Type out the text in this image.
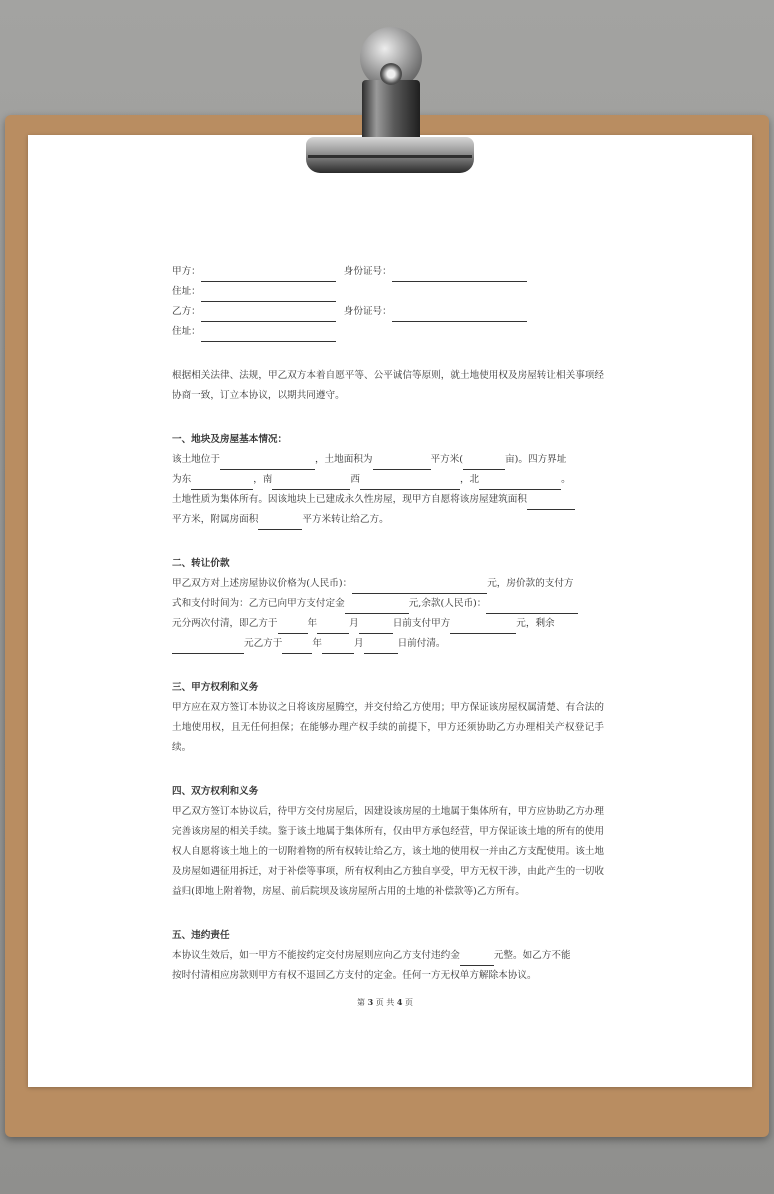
甲方：	身份证号：
住址：
乙方：	身份证号：
住址：
根据相关法律、法规，甲乙双方本着自愿平等、公平诚信等原则，就土地使用权及房屋转让相关事项经协商一致，订立本协议，以期共同遵守。
一、地块及房屋基本情况：
该土地位于	，土地面积为	平方米(	亩)。四方界址
为东	，南	西	，北	。
土地性质为集体所有。因该地块上已建成永久性房屋，现甲方自愿将该房屋建筑面积
平方米，附属房面积	平方米转让给乙方。
二、转让价款
甲乙双方对上述房屋协议价格为(人民币)：	元，房价款的支付方
式和支付时间为：乙方已向甲方支付定金	元,余款(人民币)：
元分两次付清，即乙方于	年	月	日前支付甲方	元，剩余
元乙方于	年	月	日前付清。
三、甲方权利和义务
甲方应在双方签订本协议之日将该房屋腾空，并交付给乙方使用；甲方保证该房屋权属清楚、有合法的土地使用权，且无任何担保；在能够办理产权手续的前提下，甲方还须协助乙方办理相关产权登记手续。
四、双方权利和义务
甲乙双方签订本协议后，待甲方交付房屋后，因建设该房屋的土地属于集体所有，甲方应协助乙方办理完善该房屋的相关手续。鉴于该土地属于集体所有，仅由甲方承包经营，甲方保证该土地的所有的使用权人自愿将该土地上的一切附着物的所有权转让给乙方，该土地的使用权一并由乙方支配使用。该土地及房屋如遇征用拆迁，对于补偿等事项，所有权利由乙方独自享受，甲方无权干涉，由此产生的一切收益归(即地上附着物，房屋、前后院坝及该房屋所占用的土地的补偿款等)乙方所有。
五、违约责任
本协议生效后，如一甲方不能按约定交付房屋则应向乙方支付违约金	元整。如乙方不能
按时付清相应房款则甲方有权不退回乙方支付的定金。任何一方无权单方解除本协议。
第 3 页 共 4 页
